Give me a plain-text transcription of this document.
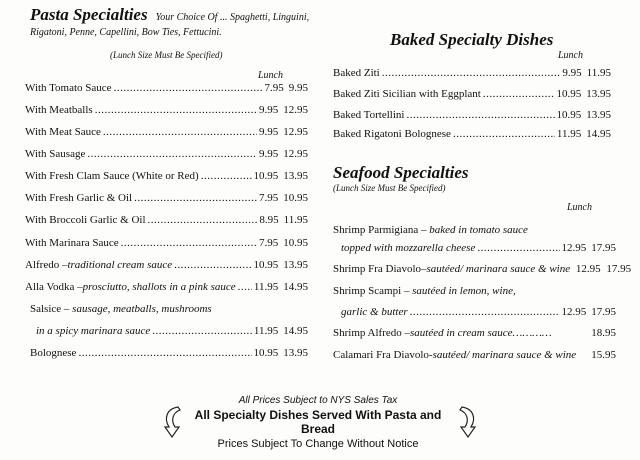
Pasta Specialties Your Choice Of ... Spaghetti, Linguini,
Rigatoni, Penne, Capellini, Bow Ties, Fettucini.
(Lunch Size Must Be Specified)
Lunch
With Tomato Sauce .....	7.95 9.95
With Meatballs .....	9.95 12.95
With Meat Sauce .....	9.95 12.95
With Sausage .....	9.95 12.95
With Fresh Clam Sauce (White or Red) .....	10.95 13.95
With Fresh Garlic & Oil .....	7.95 10.95
With Broccoli Garlic & Oil .....	8.95 11.95
With Marinara Sauce .....	7.95 10.95
Alfredo – traditional cream sauce .....	10.95 13.95
Alla Vodka – prosciutto, shallots in a pink sauce ..... 11.95 14.95
Salsice – sausage, meatballs, mushrooms
in a spicy marinara sauce .....	11.95 14.95
Bolognese .....	10.95 13.95
Baked Specialty Dishes
Lunch
Baked Ziti .....	9.95 11.95
Baked Ziti Sicilian with Eggplant .....	10.95 13.95
Baked Tortellini .....	10.95 13.95
Baked Rigatoni Bolognese .....	11.95 14.95
Seafood Specialties
(Lunch Size Must Be Specified)
Lunch
Shrimp Parmigiana – baked in tomato sauce
topped with mozzarella cheese .....	12.95 17.95
Shrimp Fra Diavolo–sautéed/ marinara sauce & wine 12.95 17.95
Shrimp Scampi – sautéed in lemon, wine,
garlic & butter .....	12.95 17.95
Shrimp Alfredo – sautéed in cream sauce…………	18.95
Calamari Fra Diavolo- sautéed/ marinara sauce & wine 15.95
All Prices Subject to NYS Sales Tax
All Specialty Dishes Served With Pasta and Bread
Prices Subject To Change Without Notice
